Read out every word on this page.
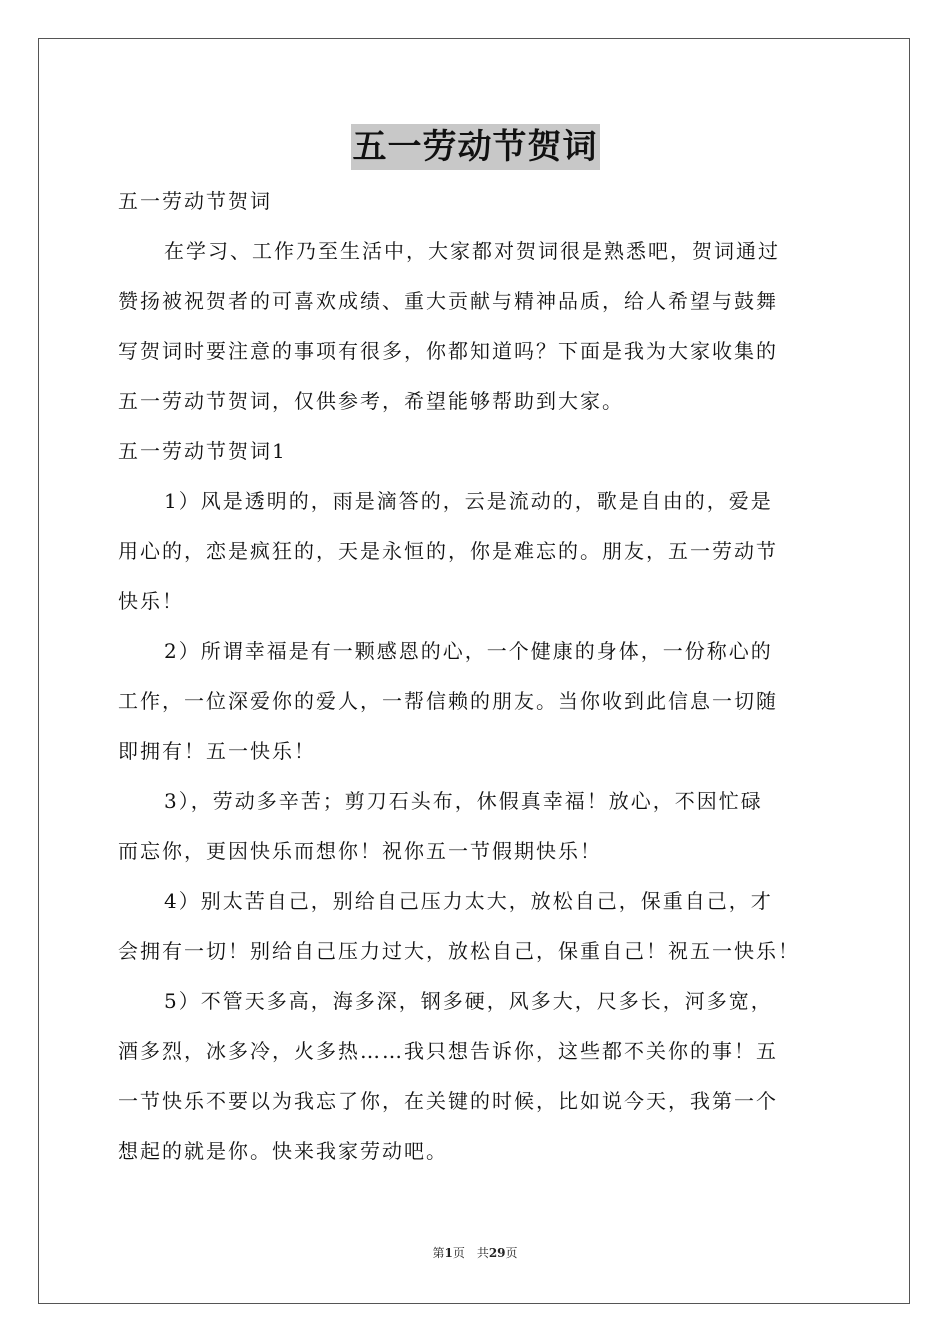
五一劳动节贺词
五一劳动节贺词
在学习、工作乃至生活中，大家都对贺词很是熟悉吧，贺词通过
赞扬被祝贺者的可喜欢成绩、重大贡献与精神品质，给人希望与鼓舞
写贺词时要注意的事项有很多，你都知道吗？下面是我为大家收集的
五一劳动节贺词，仅供参考，希望能够帮助到大家。
五一劳动节贺词1
1）风是透明的，雨是滴答的，云是流动的，歌是自由的，爱是
用心的，恋是疯狂的，天是永恒的，你是难忘的。朋友，五一劳动节
快乐！
2）所谓幸福是有一颗感恩的心，一个健康的身体，一份称心的
工作，一位深爱你的爱人，一帮信赖的朋友。当你收到此信息一切随
即拥有！五一快乐！
3），劳动多辛苦；剪刀石头布，休假真幸福！放心，不因忙碌
而忘你，更因快乐而想你！祝你五一节假期快乐！
4）别太苦自己，别给自己压力太大，放松自己，保重自己，才
会拥有一切！别给自己压力过大，放松自己，保重自己！祝五一快乐！
5）不管天多高，海多深，钢多硬，风多大，尺多长，河多宽，
酒多烈，冰多冷，火多热……我只想告诉你，这些都不关你的事！五
一节快乐不要以为我忘了你，在关键的时候，比如说今天，我第一个
想起的就是你。快来我家劳动吧。
第1页　共29页
